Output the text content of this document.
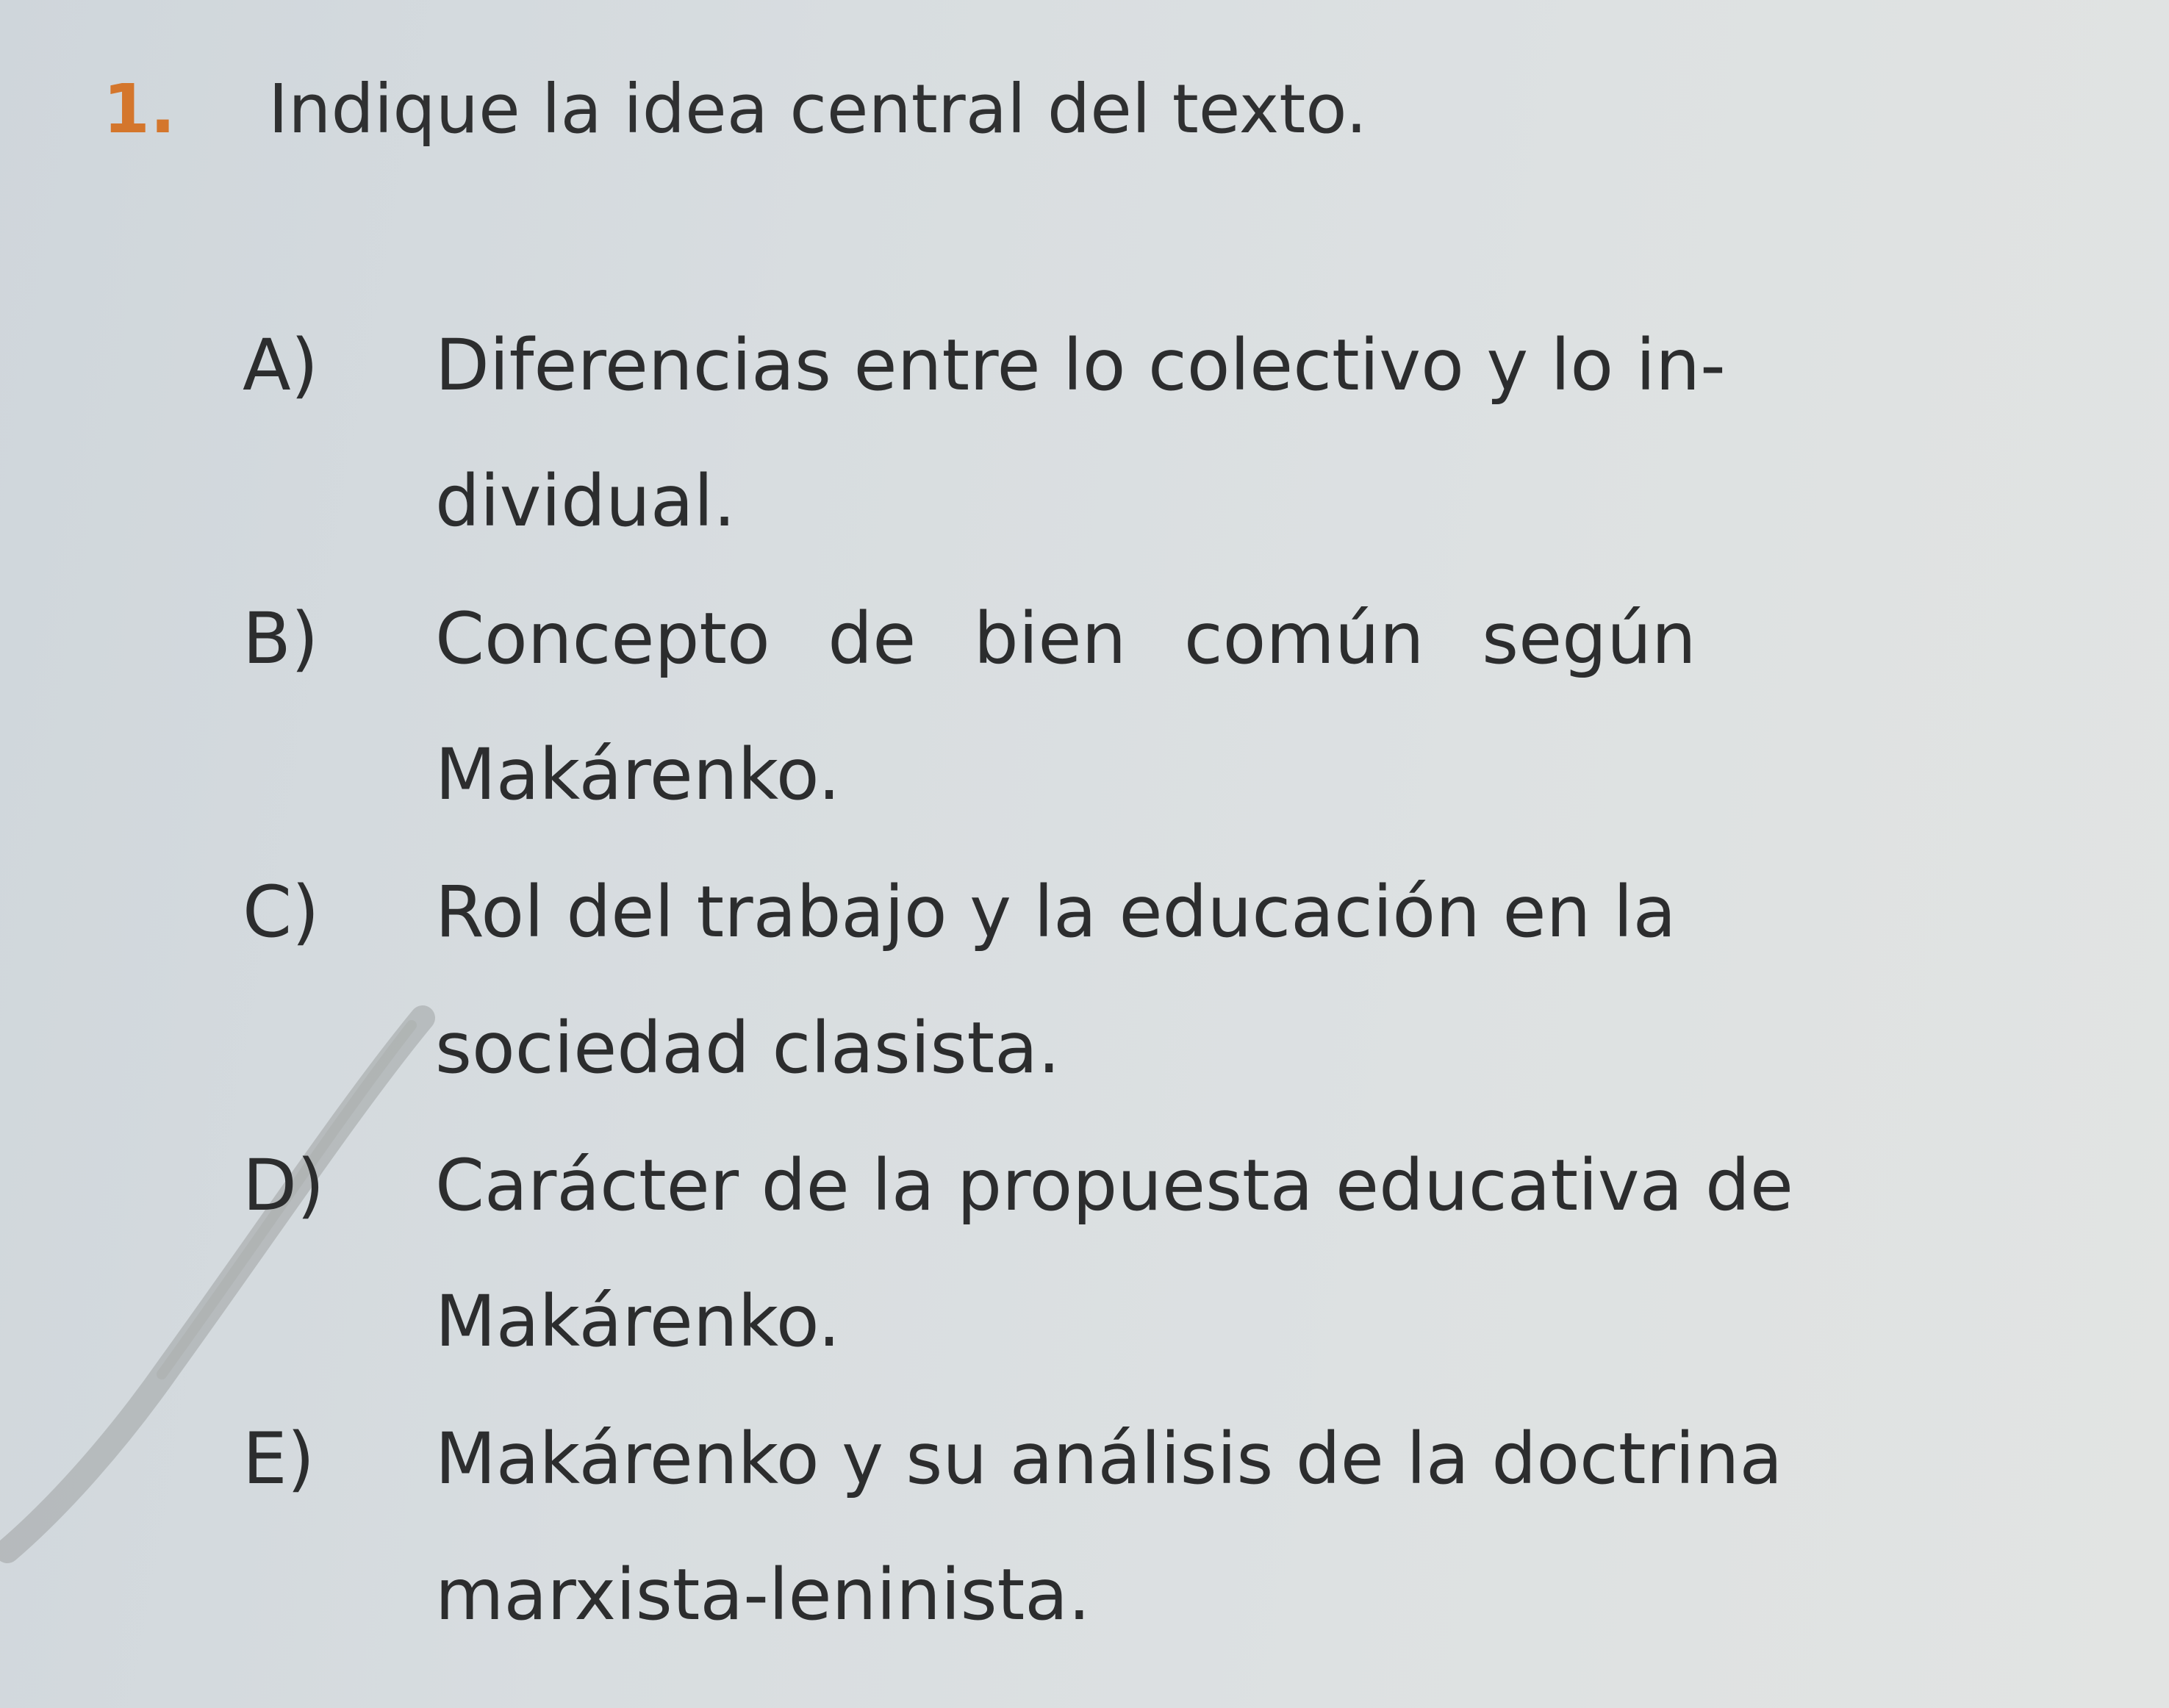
1. Indique la idea central del texto.
A)	Diferencias entre lo colectivo y lo in-
dividual.
B)	Concepto de bien común según
Makárenko.
C)	Rol del trabajo y la educación en la
sociedad clasista.
D)	Carácter de la propuesta educativa de
Makárenko.
E)	Makárenko y su análisis de la doctrina
marxista-leninista.
